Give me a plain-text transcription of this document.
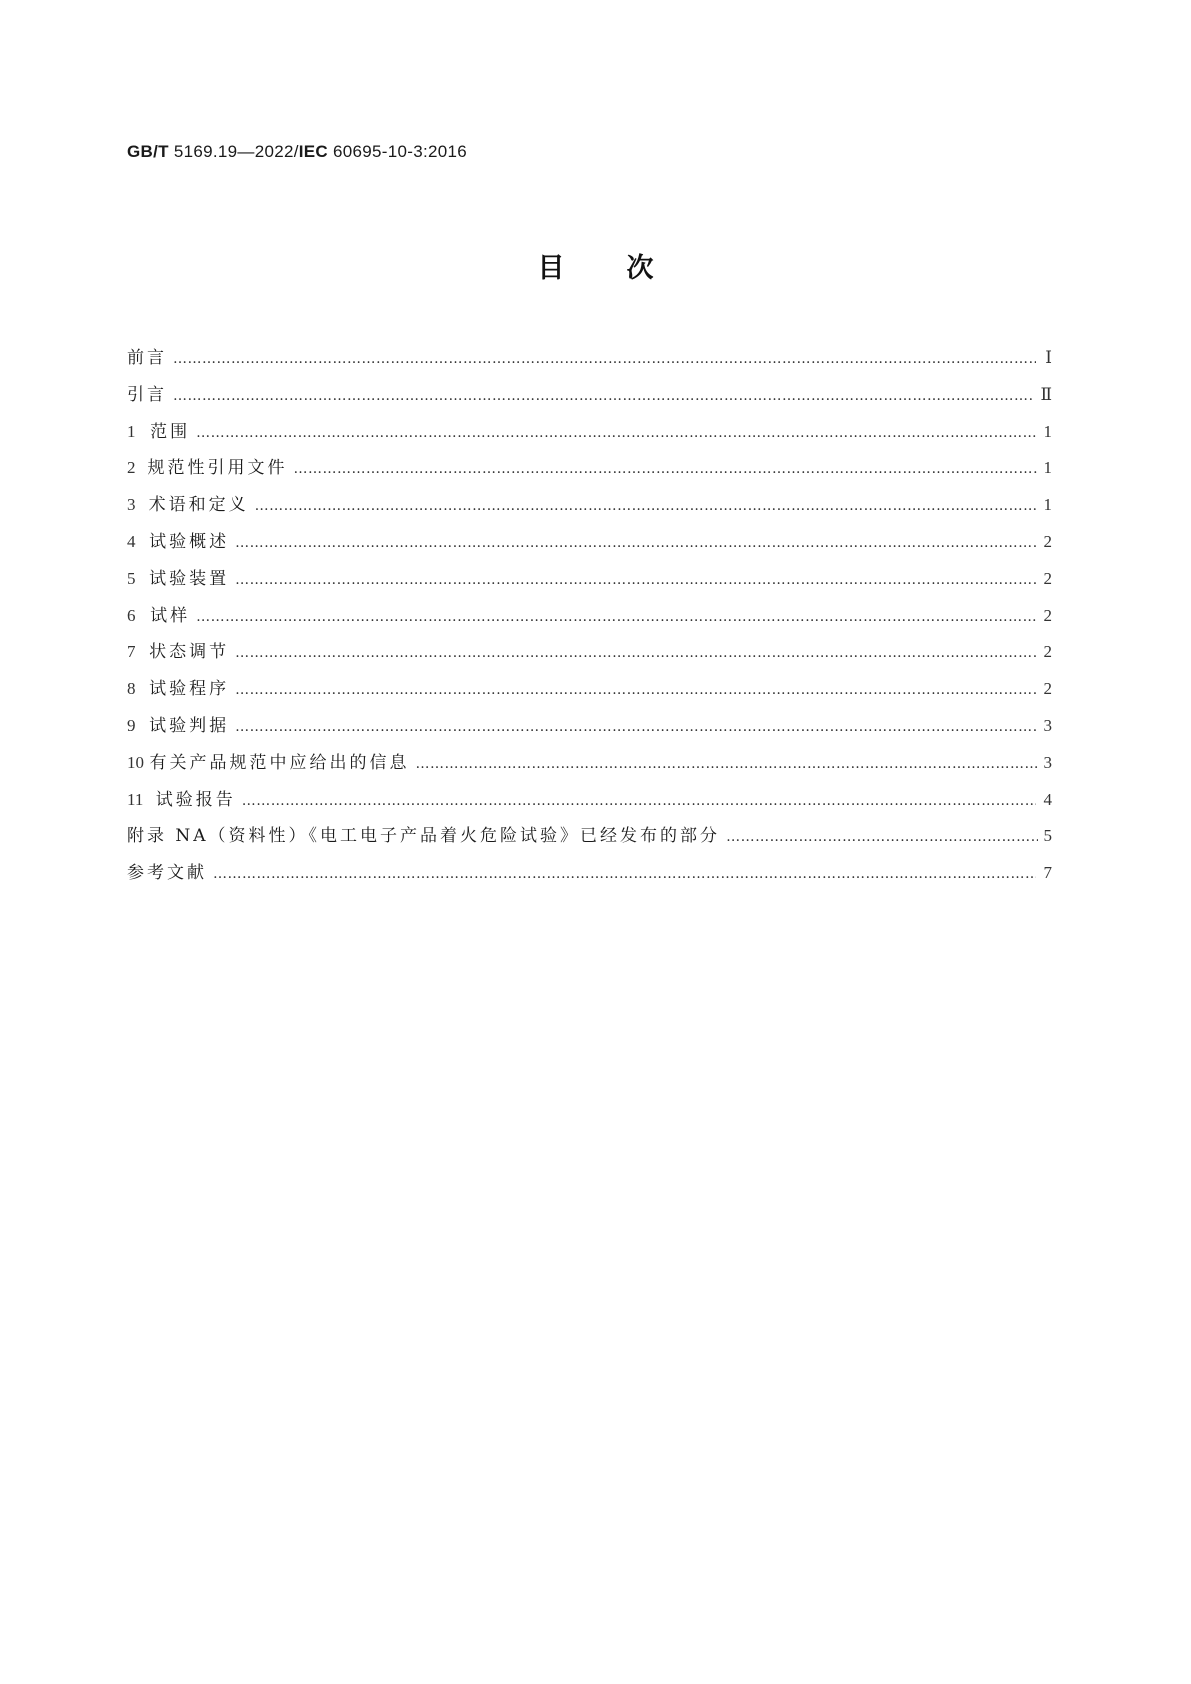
GB/T 5169.19—2022/IEC 60695-10-3:2016
目 次
前言 ……………………………………………………………………………………………………………………………………………………………………………………………………………………	Ⅰ
引言 ……………………………………………………………………………………………………………………………………………………………………………………………………………………	Ⅱ
1 范围 ……………………………………………………………………………………………………………………………………………………………………………………………………………………	1
2 规范性引用文件 ……………………………………………………………………………………………………………………………………………………………………………………………………………………	1
3 术语和定义 ……………………………………………………………………………………………………………………………………………………………………………………………………………………	1
4 试验概述 ……………………………………………………………………………………………………………………………………………………………………………………………………………………	2
5 试验装置 ……………………………………………………………………………………………………………………………………………………………………………………………………………………	2
6 试样 ……………………………………………………………………………………………………………………………………………………………………………………………………………………	2
7 状态调节 ……………………………………………………………………………………………………………………………………………………………………………………………………………………	2
8 试验程序 ……………………………………………………………………………………………………………………………………………………………………………………………………………………	2
9 试验判据 ……………………………………………………………………………………………………………………………………………………………………………………………………………………	3
10 有关产品规范中应给出的信息 ……………………………………………………………………………………………………………………………………………………………………………………………………………………	3
11 试验报告 ……………………………………………………………………………………………………………………………………………………………………………………………………………………	4
附录 NA（资料性）《电工电子产品着火危险试验》已经发布的部分 ……………………………………………………………………………………………………………………………………………………………………………………………………………………	5
参考文献 ……………………………………………………………………………………………………………………………………………………………………………………………………………………	7
